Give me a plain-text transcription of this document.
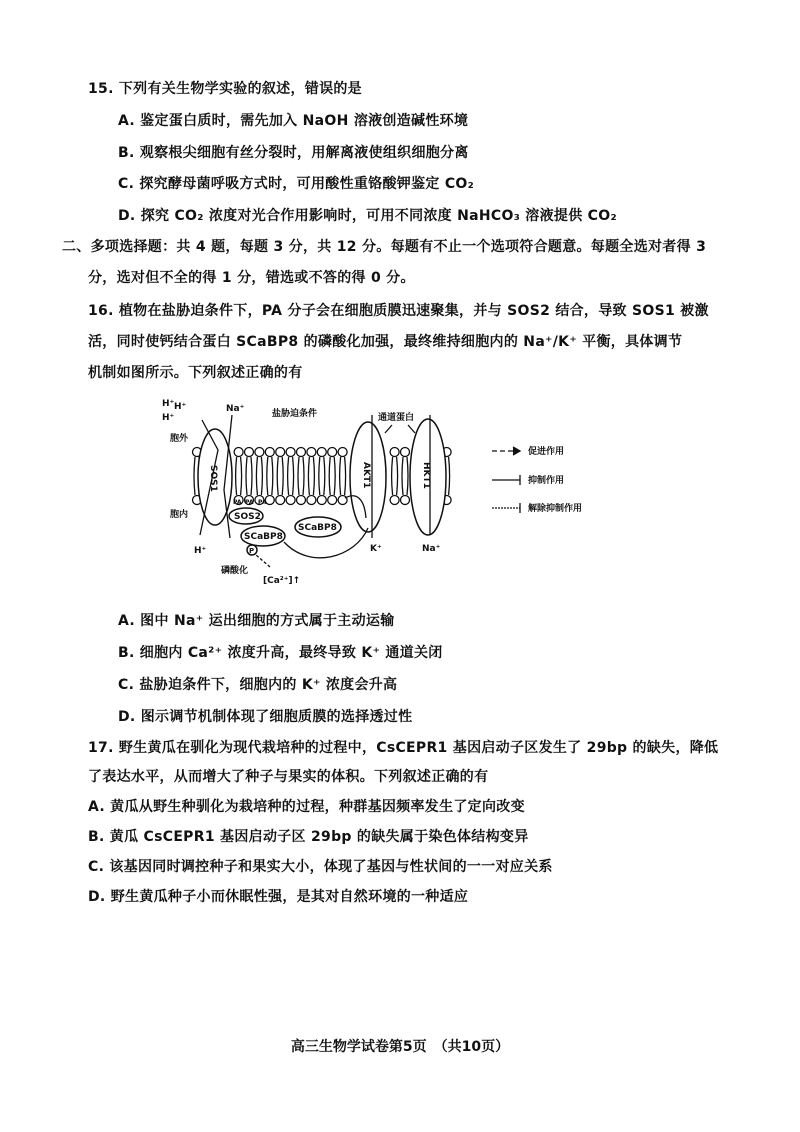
15. 下列有关生物学实验的叙述，错误的是
A. 鉴定蛋白质时，需先加入 NaOH 溶液创造碱性环境
B. 观察根尖细胞有丝分裂时，用解离液使组织细胞分离
C. 探究酵母菌呼吸方式时，可用酸性重铬酸钾鉴定 CO₂
D. 探究 CO₂ 浓度对光合作用影响时，可用不同浓度 NaHCO₃ 溶液提供 CO₂
二、多项选择题：共 4 题，每题 3 分，共 12 分。每题有不止一个选项符合题意。每题全选对者得 3
分，选对但不全的得 1 分，错选或不答的得 0 分。
16. 植物在盐胁迫条件下，PA 分子会在细胞质膜迅速聚集，并与 SOS2 结合，导致 SOS1 被激
活，同时使钙结合蛋白 SCaBP8 的磷酸化加强，最终维持细胞内的 Na⁺/K⁺ 平衡，具体调节
机制如图所示。下列叙述正确的有
H⁺ H⁺
H⁺
Na⁺	盐胁迫条件	通道蛋白
胞外
胞内
H⁺	K⁺	Na⁺
SOS2
SCaBP8
SCaBP8
磷酸化
[Ca²⁺]↑
P
PA PA PA
SOS1	AKT1	HKT1
促进作用
抑制作用
解除抑制作用
A. 图中 Na⁺ 运出细胞的方式属于主动运输
B. 细胞内 Ca²⁺ 浓度升高，最终导致 K⁺ 通道关闭
C. 盐胁迫条件下，细胞内的 K⁺ 浓度会升高
D. 图示调节机制体现了细胞质膜的选择透过性
17. 野生黄瓜在驯化为现代栽培种的过程中，CsCEPR1 基因启动子区发生了 29bp 的缺失，降低
了表达水平，从而增大了种子与果实的体积。下列叙述正确的有
A. 黄瓜从野生种驯化为栽培种的过程，种群基因频率发生了定向改变
B. 黄瓜 CsCEPR1 基因启动子区 29bp 的缺失属于染色体结构变异
C. 该基因同时调控种子和果实大小，体现了基因与性状间的一一对应关系
D. 野生黄瓜种子小而休眠性强，是其对自然环境的一种适应
高三生物学试卷第5页　（共10页）
